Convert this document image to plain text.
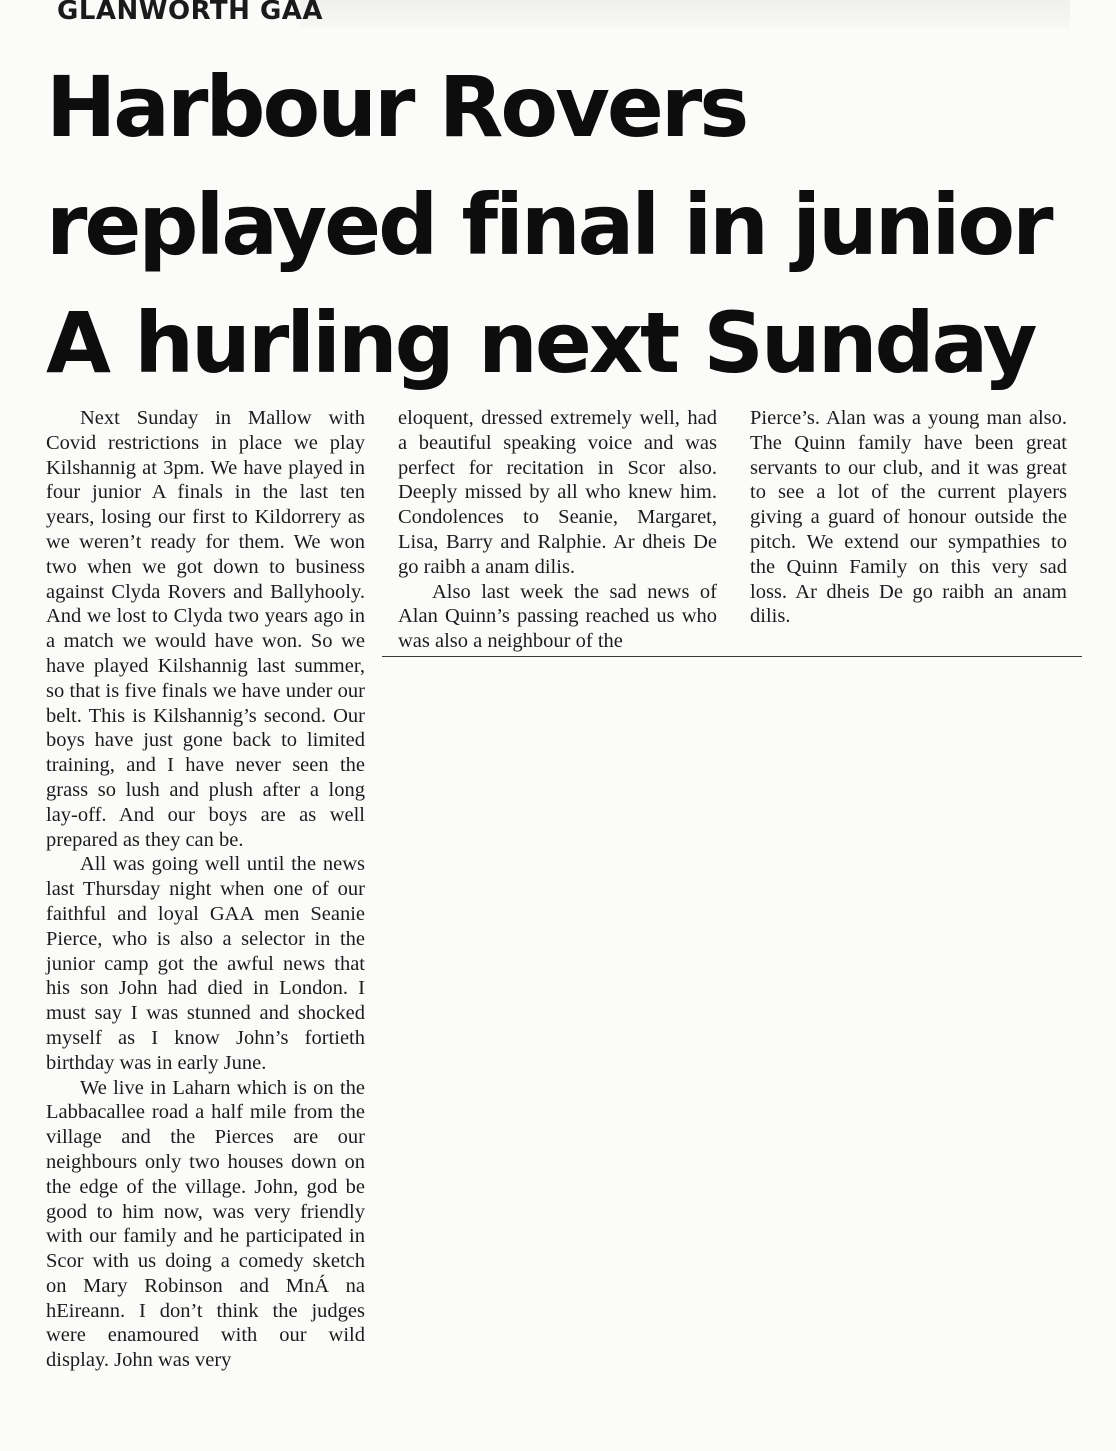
GLANWORTH GAA
Harbour Rovers replayed final in junior A hurling next Sunday

Next Sunday in Mallow with Covid restrictions in place we play Kilshannig at 3pm. We have played in four junior A finals in the last ten years, losing our first to Kildorrery as we weren’t ready for them. We won two when we got down to business against Clyda Rovers and Ballyhooly. And we lost to Clyda two years ago in a match we would have won. So we have played Kilshannig last summer, so that is five finals we have under our belt. This is Kilshannig’s second. Our boys have just gone back to limited training, and I have never seen the grass so lush and plush after a long lay-off. And our boys are as well prepared as they can be.

All was going well until the news last Thursday night when one of our faithful and loyal GAA men Seanie Pierce, who is also a selector in the junior camp got the awful news that his son John had died in London. I must say I was stunned and shocked myself as I know John’s fortieth birthday was in early June.

We live in Laharn which is on the Labbacallee road a half mile from the village and the Pierces are our neighbours only two houses down on the edge of the village. John, god be good to him now, was very friendly with our family and he participated in Scor with us doing a comedy sketch on Mary Robinson and MnÁ na hEireann. I don’t think the judges were enamoured with our wild display. John was very

eloquent, dressed extremely well, had a beautiful speaking voice and was perfect for recitation in Scor also. Deeply missed by all who knew him. Condolences to Seanie, Margaret, Lisa, Barry and Ralphie. Ar dheis De go raibh a anam dilis.

Also last week the sad news of Alan Quinn’s passing reached us who was also a neighbour of the

Pierce’s. Alan was a young man also. The Quinn family have been great servants to our club, and it was great to see a lot of the current players giving a guard of honour outside the pitch. We extend our sympathies to the Quinn Family on this very sad loss. Ar dheis De go raibh an anam dilis.
